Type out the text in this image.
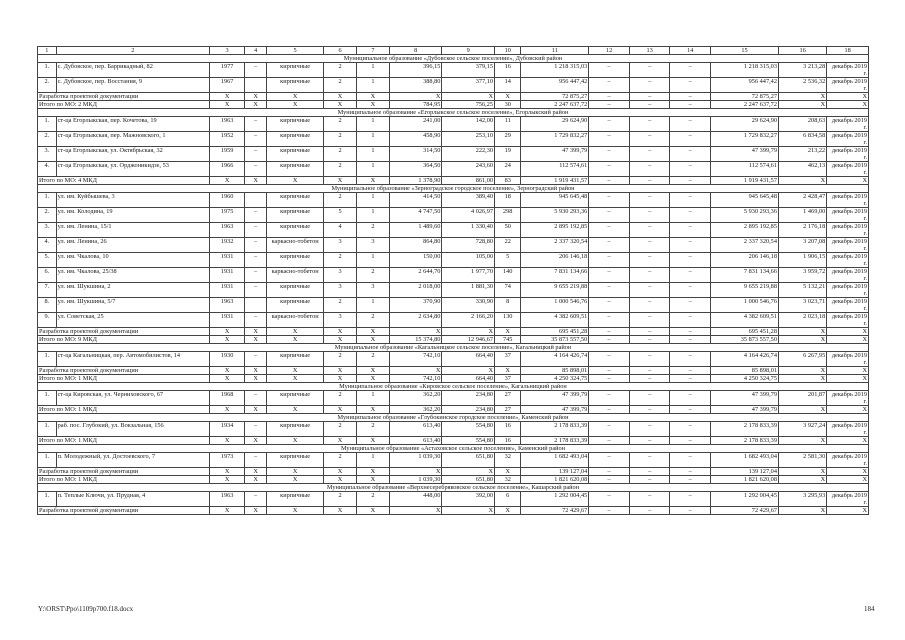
1	2	3	4	5	6	7	8	9	10	11	12	13	14	15	16	18
Муниципальное образование «Дубовское сельское поселение», Дубовский район																
1.	с. Дубовское, пер. Баррикадный, 82	1977	–	кирпичные	2	1	396,15	379,15	16	1 218 315,03	–	–	–	1 218 315,03	3 213,28	декабрь 2019 г.
2.	с. Дубовское, пер. Восстания, 9	1967		кирпичные	2	1	388,80	377,10	14	956 447,42	–	–	–	956 447,42	2 536,32	декабрь 2019 г.
Разработка проектной документации		X	X	X	X	X	X	X	X	72 875,27	–	–	–	72 875,27	X	X
Итого по МО: 2 МКД		X	X	X	X	X	784,95	756,25	30	2 247 637,72	–	–	–	2 247 637,72	X	X
Муниципальное образование «Егорлыкское сельское поселение», Егорлыкский район																
1.	ст-ца Егорлыкская, пер. Кочетова, 19	1963	–	кирпичные	2	1	241,00	142,00	11	29 624,90	–	–	–	29 624,90	208,63	декабрь 2019 г.
2.	ст-ца Егорлыкская, пер. Мажновского, 1	1952	–	кирпичные	2	1	458,90	253,10	29	1 729 832,27	–	–	–	1 729 832,27	6 834,58	декабрь 2019 г.
3.	ст-ца Егорлыкская, ул. Октябрьская, 32	1959	–	кирпичные	2	1	314,50	222,30	19	47 399,79	–	–	–	47 399,79	213,22	декабрь 2019 г.
4.	ст-ца Егорлыкская, ул. Орджоникидзе, 53	1966	–	кирпичные	2	1	364,50	243,60	24	112 574,61	–	–	–	112 574,61	462,13	декабрь 2019 г.
Итого по МО: 4 МКД		X	X	X	X	X	1 378,90	861,00	83	1 919 431,57	–	–	–	1 919 431,57	X	X
Муниципальное образование «Зерноградское городское поселение», Зерноградский район																
1.	ул. им. Куйбышева, 3	1960		кирпичные	2	1	414,50	389,40	18	945 645,48	–	–	–	945 645,48	2 428,47	декабрь 2019 г.
2.	ул. им. Колодина, 19	1975	–	кирпичные	5	1	4 747,50	4 026,97	298	5 930 293,36	–	–	–	5 930 293,36	1 469,00	декабрь 2019 г.
3.	ул. им. Ленина, 15/1	1963	–	кирпичные	4	2	1 489,60	1 330,40	50	2 895 192,85	–	–	–	2 895 192,85	2 176,18	декабрь 2019 г.
4.	ул. им. Ленина, 26	1932	–	каркасно-тобетон	3	3	864,80	728,80	22	2 337 320,54	–	–	–	2 337 320,54	3 207,08	декабрь 2019 г.
5.	ул. им. Чкалова, 10	1931	–	кирпичные	2	1	150,00	105,00	5	206 146,18	–	–	–	206 146,18	1 906,15	декабрь 2019 г.
6.	ул. им. Чкалова, 25/38	1931	–	каркасно-тобетон	3	2	2 644,70	1 977,70	140	7 831 134,66	–	–	–	7 831 134,66	3 959,72	декабрь 2019 г.
7.	ул. им. Шукшина, 2	1931	–	кирпичные	3	3	2 018,00	1 881,30	74	9 655 219,88	–	–	–	9 655 219,88	5 132,21	декабрь 2019 г.
8.	ул. им. Шукшина, 5/7	1963		кирпичные	2	1	370,90	330,90	8	1 000 546,76	–	–	–	1 000 546,76	3 023,71	декабрь 2019 г.
9.	ул. Советская, 25	1931	–	каркасно-тобетон	3	2	2 634,80	2 166,20	130	4 382 609,51	–	–	–	4 382 609,51	2 023,18	декабрь 2019 г.
Разработка проектной документации		X	X	X	X	X	X	X	X	695 451,28	–	–	–	695 451,28	X	X
Итого по МО: 9 МКД		X	X	X	X	X	15 374,80	12 946,67	745	35 873 557,50	–	–	–	35 873 557,50	X	X
Муниципальное образование «Кагальницкое сельское поселение», Кагальницкий район																
1.	ст-ца Кагальницкая, пер. Автомобилистов, 14	1930	–	кирпичные	2	2	742,10	664,40	37	4 164 426,74	–	–	–	4 164 426,74	6 267,95	декабрь 2019 г.
Разработка проектной документации		X	X	X	X	X	X	X	X	85 898,01	–	–	–	85 898,01	X	X
Итого по МО: 1 МКД		X	X	X	X	X	742,10	664,40	37	4 250 324,75	–	–	–	4 250 324,75	X	X
Муниципальное образование «Кировское сельское поселение», Кагальницкий район																
1.	ст-ца Кировская, ул. Черниховского, 67	1968	–	кирпичные	2	1	362,20	234,80	27	47 399,79	–	–	–	47 399,79	201,87	декабрь 2019 г.
Итого по МО: 1 МКД		X	X	X	X	X	362,20	234,80	27	47 399,79	–	–	–	47 399,79	X	X
Муниципальное образование «Глубокинское городское поселение», Каменский район																
1.	раб. пос. Глубокий, ул. Вокзальная, 156	1934	–	кирпичные	2	2	613,40	554,80	16	2 178 833,39	–	–	–	2 178 833,39	3 927,24	декабрь 2019 г.
Итого по МО: 1 МКД		X	X	X	X	X	613,40	554,80	16	2 178 833,39	–	–	–	2 178 833,39	X	X
Муниципальное образование «Астаховское сельское поселение», Каменский район																
1.	п. Молодежный, ул. Достоевского, 7	1973	–	кирпичные	2	1	1 039,30	651,80	32	1 682 493,04	–	–	–	1 682 493,04	2 581,30	декабрь 2019 г.
Разработка проектной документации		X	X	X	X	X	X	X	X	139 127,04	–	–	–	139 127,04	X	X
Итого по МО: 1 МКД		X	X	X	X	X	1 039,30	651,80	32	1 821 620,08	–	–	–	1 821 620,08	X	X
Муниципальное образование «Верхнесеребряковское сельское поселение», Кашарский район																
1.	п. Теплые Ключи, ул. Прудная, 4	1963	–	кирпичные	2	2	448,00	392,00	6	1 292 004,45	–	–	–	1 292 004,45	3 295,93	декабрь 2019 г.
Разработка проектной документации		X	X	X	X	X	X	X	X	72 429,67	–	–	–	72 429,67	X	X
Y:\ORST\Ppo\1109p700.f18.docx	184
